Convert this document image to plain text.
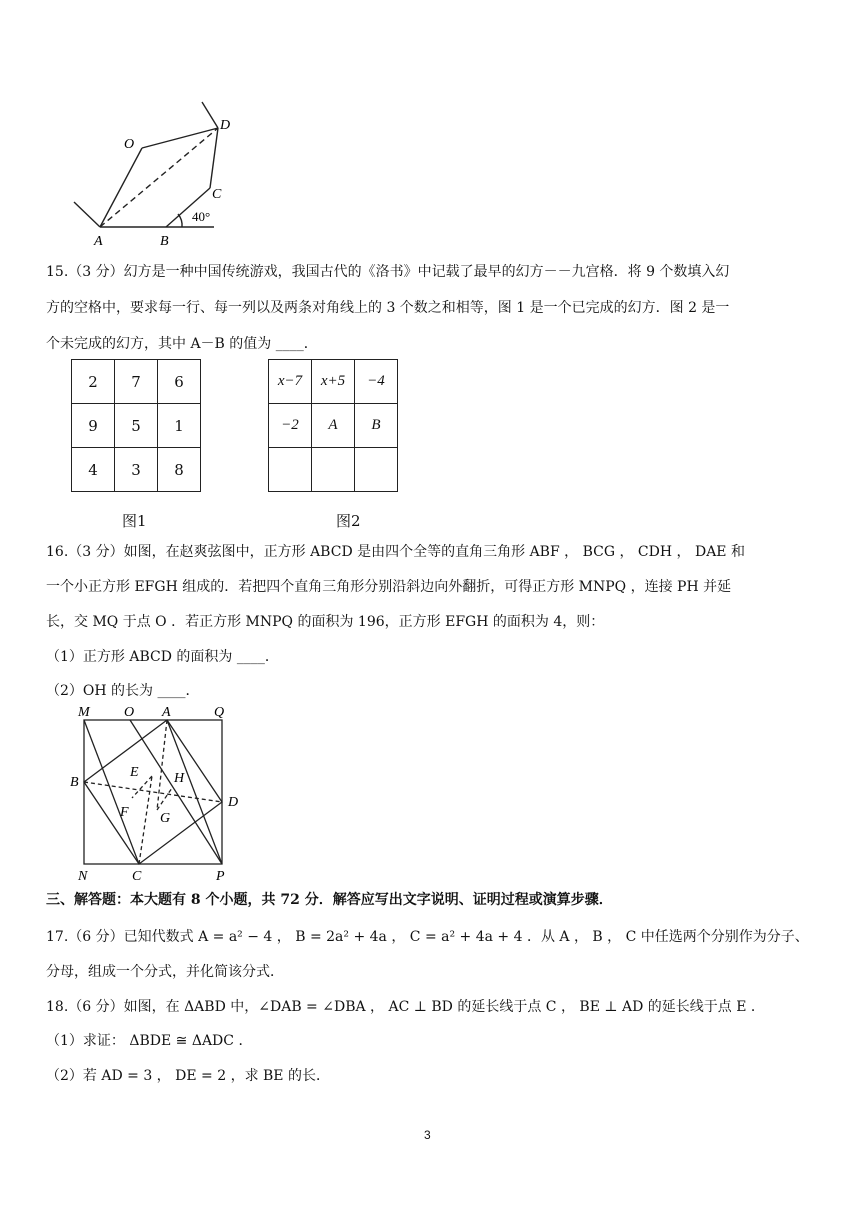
O
D
C
A	B
40°
15.（3 分）幻方是一种中国传统游戏，我国古代的《洛书》中记载了最早的幻方－－九宫格．将 9 个数填入幻
方的空格中，要求每一行、每一列以及两条对角线上的 3 个数之和相等，图 1 是一个已完成的幻方．图 2 是一
个未完成的幻方，其中 A－B 的值为 ____．
2	7	6
9	5	1
4	3	8
x−7	x+5	−4
−2	A	B

图1	图2
16.（3 分）如图，在赵爽弦图中，正方形 ABCD 是由四个全等的直角三角形 ABF ， BCG ， CDH ， DAE 和
一个小正方形 EFGH 组成的．若把四个直角三角形分别沿斜边向外翻折，可得正方形 MNPQ ，连接 PH 并延
长，交 MQ 于点 O ．若正方形 MNPQ 的面积为 196，正方形 EFGH 的面积为 4，则：
（1）正方形 ABCD 的面积为 ____．
（2）OH 的长为 ____．
M O A	Q
B
E	H
D
F G
N	C	P
三、解答题：本大题有 8 个小题，共 72 分．解答应写出文字说明、证明过程或演算步骤．
17.（6 分）已知代数式 A = a² − 4 ， B = 2a² + 4a ， C = a² + 4a + 4 ．从 A ， B ， C 中任选两个分别作为分子、
分母，组成一个分式，并化简该分式．
18.（6 分）如图，在 ΔABD 中，∠DAB = ∠DBA ， AC ⊥ BD 的延长线于点 C ， BE ⊥ AD 的延长线于点 E ．
（1）求证： ΔBDE ≅ ΔADC ．
（2）若 AD = 3 ， DE = 2 ，求 BE 的长．
3
